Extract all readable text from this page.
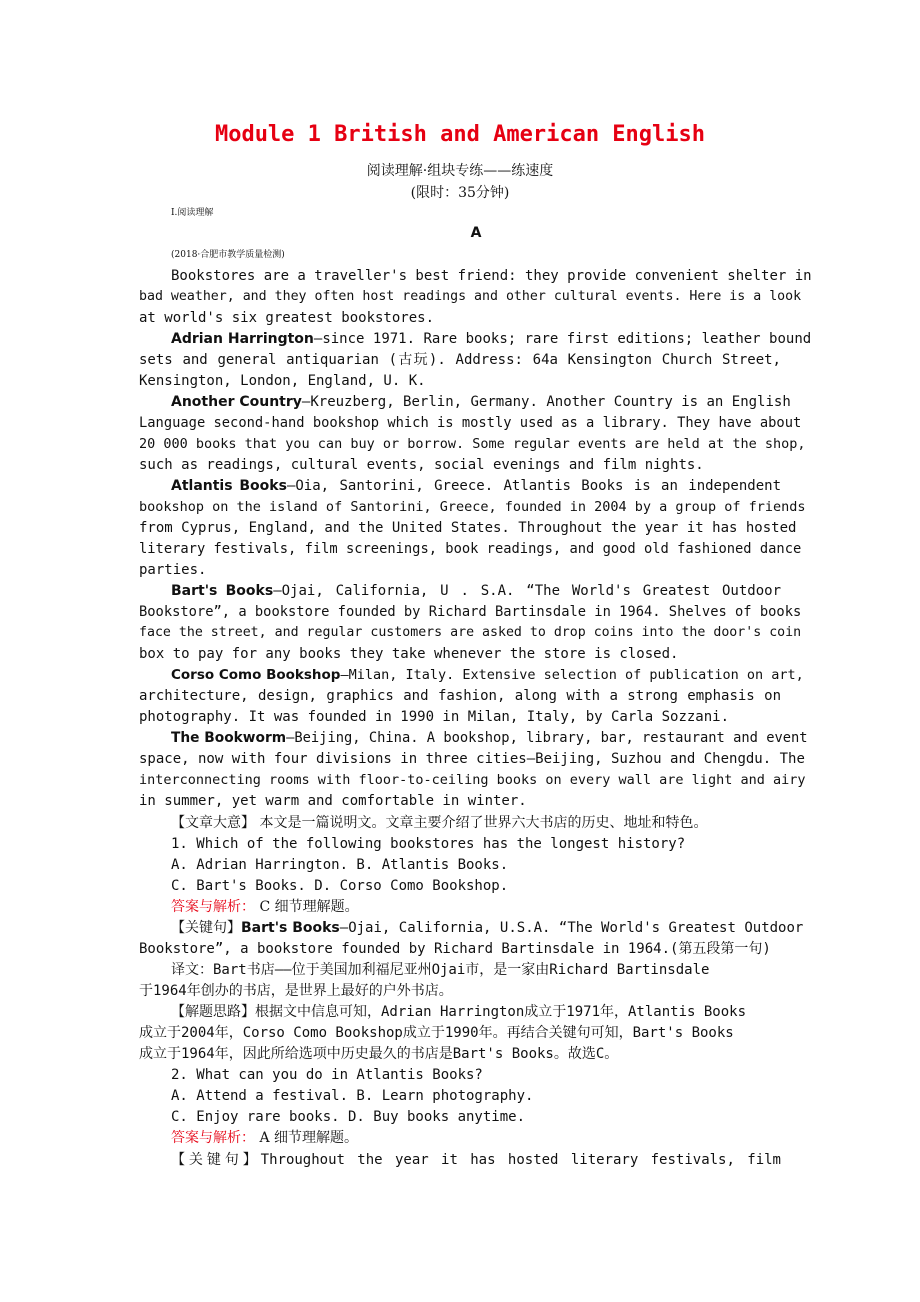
Module 1 British and American English
阅读理解·组块专练——练速度
(限时：35分钟)
Ⅰ.阅读理解
A
(2018·合肥市教学质量检测)
Bookstores are a traveller's best friend: they provide convenient shelter in
bad weather, and they often host readings and other cultural events. Here is a look
at world's six greatest bookstores.
Adrian Harrington—since 1971. Rare books; rare first editions; leather bound
sets and general antiquarian (古玩). Address: 64a Kensington Church Street,
Kensington, London, England, U. K.
Another Country—Kreuzberg, Berlin, Germany. Another Country is an English
Language second-hand bookshop which is mostly used as a library. They have about
20 000 books that you can buy or borrow. Some regular events are held at the shop,
such as readings, cultural events, social evenings and film nights.
Atlantis Books—Oia, Santorini, Greece. Atlantis Books is an independent
bookshop on the island of Santorini, Greece, founded in 2004 by a group of friends
from Cyprus, England, and the United States. Throughout the year it has hosted
literary festivals, film screenings, book readings, and good old fashioned dance
parties.
Bart's Books—Ojai, California, U . S.A. “The World's Greatest Outdoor
Bookstore”, a bookstore founded by Richard Bartinsdale in 1964. Shelves of books
face the street, and regular customers are asked to drop coins into the door's coin
box to pay for any books they take whenever the store is closed.
Corso Como Bookshop—Milan, Italy. Extensive selection of publication on art,
architecture, design, graphics and fashion, along with a strong emphasis on
photography. It was founded in 1990 in Milan, Italy, by Carla Sozzani.
The Bookworm—Beijing, China. A bookshop, library, bar, restaurant and event
space, now with four divisions in three cities—Beijing, Suzhou and Chengdu. The
interconnecting rooms with floor-to-ceiling books on every wall are light and airy
in summer, yet warm and comfortable in winter.
【文章大意】 本文是一篇说明文。文章主要介绍了世界六大书店的历史、地址和特色。
1. Which of the following bookstores has the longest history?
A. Adrian Harrington. B. Atlantis Books.
C. Bart's Books. D. Corso Como Bookshop.
答案与解析： C 细节理解题。
【关键句】Bart's Books—Ojai, California, U.S.A. “The World's Greatest Outdoor
Bookstore”, a bookstore founded by Richard Bartinsdale in 1964.(第五段第一句)
译文：Bart书店——位于美国加利福尼亚州Ojai市，是一家由Richard Bartinsdale
于1964年创办的书店，是世界上最好的户外书店。
【解题思路】根据文中信息可知，Adrian Harrington成立于1971年，Atlantis Books
成立于2004年，Corso Como Bookshop成立于1990年。再结合关键句可知，Bart's Books
成立于1964年，因此所给选项中历史最久的书店是Bart's Books。故选C。
2. What can you do in Atlantis Books?
A. Attend a festival. B. Learn photography.
C. Enjoy rare books. D. Buy books anytime.
答案与解析： A 细节理解题。
【关键句】Throughout the year it has hosted literary festivals, film
